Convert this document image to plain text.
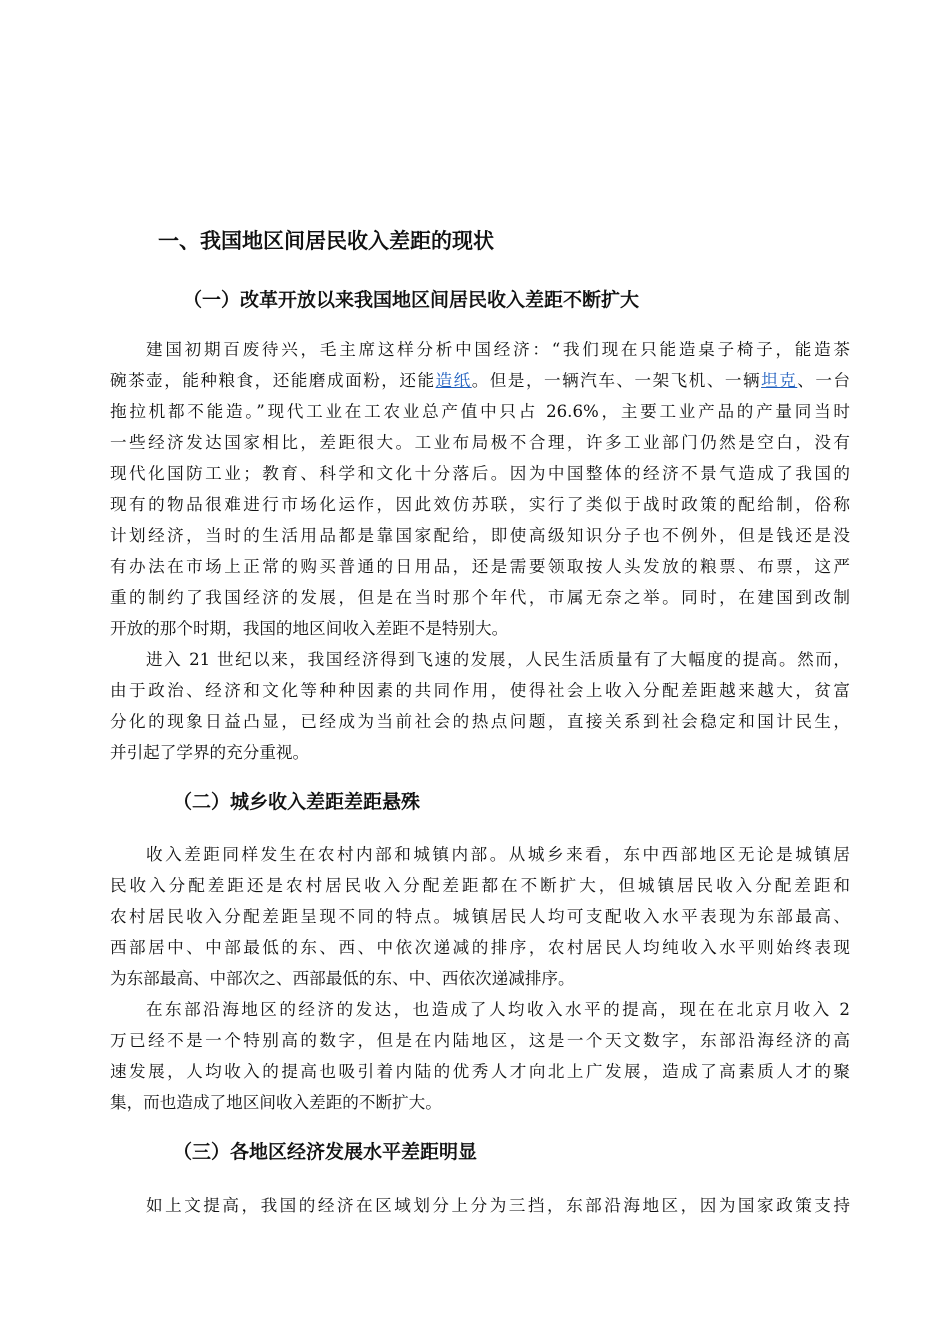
一、我国地区间居民收入差距的现状
（一）改革开放以来我国地区间居民收入差距不断扩大
建国初期百废待兴，毛主席这样分析中国经济：“我们现在只能造桌子椅子，能造茶
碗茶壶，能种粮食，还能磨成面粉，还能造纸。但是，一辆汽车、一架飞机、一辆坦克、一台
拖拉机都不能造。”现代工业在工农业总产值中只占 26.6%，主要工业产品的产量同当时
一些经济发达国家相比，差距很大。工业布局极不合理，许多工业部门仍然是空白，没有
现代化国防工业；教育、科学和文化十分落后。因为中国整体的经济不景气造成了我国的
现有的物品很难进行市场化运作，因此效仿苏联，实行了类似于战时政策的配给制，俗称
计划经济，当时的生活用品都是靠国家配给，即使高级知识分子也不例外，但是钱还是没
有办法在市场上正常的购买普通的日用品，还是需要领取按人头发放的粮票、布票，这严
重的制约了我国经济的发展，但是在当时那个年代，市属无奈之举。同时，在建国到改制
开放的那个时期，我国的地区间收入差距不是特别大。
进入 21 世纪以来，我国经济得到飞速的发展，人民生活质量有了大幅度的提高。然而，
由于政治、经济和文化等种种因素的共同作用，使得社会上收入分配差距越来越大，贫富
分化的现象日益凸显，已经成为当前社会的热点问题，直接关系到社会稳定和国计民生，
并引起了学界的充分重视。
（二）城乡收入差距差距悬殊
收入差距同样发生在农村内部和城镇内部。从城乡来看，东中西部地区无论是城镇居
民收入分配差距还是农村居民收入分配差距都在不断扩大，但城镇居民收入分配差距和
农村居民收入分配差距呈现不同的特点。城镇居民人均可支配收入水平表现为东部最高、
西部居中、中部最低的东、西、中依次递减的排序，农村居民人均纯收入水平则始终表现
为东部最高、中部次之、西部最低的东、中、西依次递减排序。
在东部沿海地区的经济的发达，也造成了人均收入水平的提高，现在在北京月收入 2
万已经不是一个特别高的数字，但是在内陆地区，这是一个天文数字，东部沿海经济的高
速发展，人均收入的提高也吸引着内陆的优秀人才向北上广发展，造成了高素质人才的聚
集，而也造成了地区间收入差距的不断扩大。
（三）各地区经济发展水平差距明显
如上文提高，我国的经济在区域划分上分为三挡，东部沿海地区，因为国家政策支持
